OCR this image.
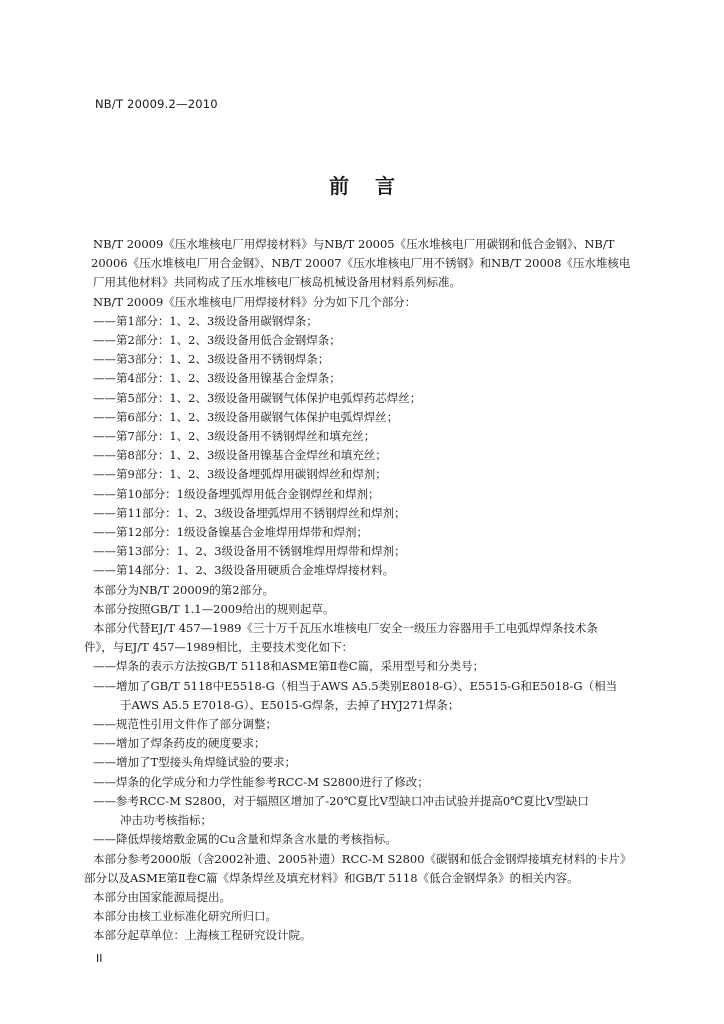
NB/T 20009.2—2010
前言

NB/T 20009《压水堆核电厂用焊接材料》与NB/T 20005《压水堆核电厂用碳钢和低合金钢》、NB/T

20006《压水堆核电厂用合金钢》、NB/T 20007《压水堆核电厂用不锈钢》和NB/T 20008《压水堆核电

厂用其他材料》共同构成了压水堆核电厂核岛机械设备用材料系列标准。

NB/T 20009《压水堆核电厂用焊接材料》分为如下几个部分：

——第1部分：1、2、3级设备用碳钢焊条；

——第2部分：1、2、3级设备用低合金钢焊条；

——第3部分：1、2、3级设备用不锈钢焊条；

——第4部分：1、2、3级设备用镍基合金焊条；

——第5部分：1、2、3级设备用碳钢气体保护电弧焊药芯焊丝；

——第6部分：1、2、3级设备用碳钢气体保护电弧焊焊丝；

——第7部分：1、2、3级设备用不锈钢焊丝和填充丝；

——第8部分：1、2、3级设备用镍基合金焊丝和填充丝；

——第9部分：1、2、3级设备埋弧焊用碳钢焊丝和焊剂；

——第10部分：1级设备埋弧焊用低合金钢焊丝和焊剂；

——第11部分：1、2、3级设备埋弧焊用不锈钢焊丝和焊剂；

——第12部分：1级设备镍基合金堆焊用焊带和焊剂；

——第13部分：1、2、3级设备用不锈钢堆焊用焊带和焊剂；

——第14部分：1、2、3级设备用硬质合金堆焊焊接材料。

本部分为NB/T 20009的第2部分。

本部分按照GB/T 1.1—2009给出的规则起草。

本部分代替EJ/T 457—1989《三十万千瓦压水堆核电厂安全一级压力容器用手工电弧焊焊条技术条

件》，与EJ/T 457—1989相比，主要技术变化如下：

——焊条的表示方法按GB/T 5118和ASME第Ⅱ卷C篇，采用型号和分类号；

——增加了GB/T 5118中E5518-G（相当于AWS A5.5类别E8018-G）、E5515-G和E5018-G（相当

于AWS A5.5 E7018-G）、E5015-G焊条，去掉了HYJ271焊条；

——规范性引用文件作了部分调整；

——增加了焊条药皮的硬度要求；

——增加了T型接头角焊缝试验的要求；

——焊条的化学成分和力学性能参考RCC-M S2800进行了修改；

——参考RCC-M S2800，对于辐照区增加了-20℃夏比V型缺口冲击试验并提高0℃夏比V型缺口

冲击功考核指标；

——降低焊接熔敷金属的Cu含量和焊条含水量的考核指标。

本部分参考2000版（含2002补遗、2005补遗）RCC-M S2800《碳钢和低合金钢焊接填充材料的卡片》

部分以及ASME第Ⅱ卷C篇《焊条焊丝及填充材料》和GB/T 5118《低合金钢焊条》的相关内容。

本部分由国家能源局提出。

本部分由核工业标准化研究所归口。

本部分起草单位：上海核工程研究设计院。

II
